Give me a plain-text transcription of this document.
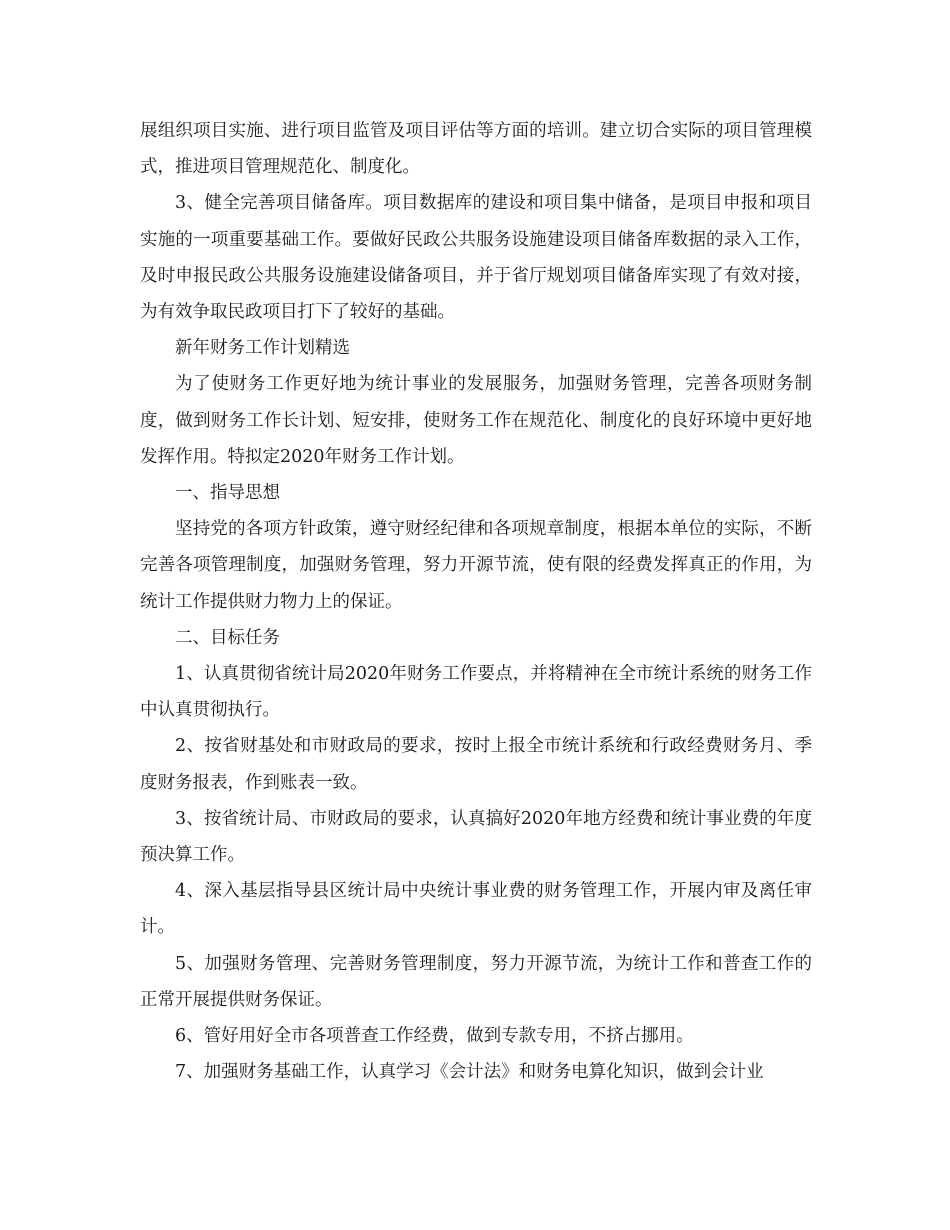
展组织项目实施、进行项目监管及项目评估等方面的培训。建立切合实际的项目管理模式，推进项目管理规范化、制度化。

3、健全完善项目储备库。项目数据库的建设和项目集中储备，是项目申报和项目实施的一项重要基础工作。要做好民政公共服务设施建设项目储备库数据的录入工作，及时申报民政公共服务设施建设储备项目，并于省厅规划项目储备库实现了有效对接，为有效争取民政项目打下了较好的基础。

新年财务工作计划精选

为了使财务工作更好地为统计事业的发展服务，加强财务管理，完善各项财务制度，做到财务工作长计划、短安排，使财务工作在规范化、制度化的良好环境中更好地发挥作用。特拟定2020年财务工作计划。

一、指导思想

坚持党的各项方针政策，遵守财经纪律和各项规章制度，根据本单位的实际，不断完善各项管理制度，加强财务管理，努力开源节流，使有限的经费发挥真正的作用，为统计工作提供财力物力上的保证。

二、目标任务

1、认真贯彻省统计局2020年财务工作要点，并将精神在全市统计系统的财务工作中认真贯彻执行。

2、按省财基处和市财政局的要求，按时上报全市统计系统和行政经费财务月、季度财务报表，作到账表一致。

3、按省统计局、市财政局的要求，认真搞好2020年地方经费和统计事业费的年度预决算工作。

4、深入基层指导县区统计局中央统计事业费的财务管理工作，开展内审及离任审计。

5、加强财务管理、完善财务管理制度，努力开源节流，为统计工作和普查工作的正常开展提供财务保证。

6、管好用好全市各项普查工作经费，做到专款专用，不挤占挪用。

7、加强财务基础工作，认真学习《会计法》和财务电算化知识，做到会计业
